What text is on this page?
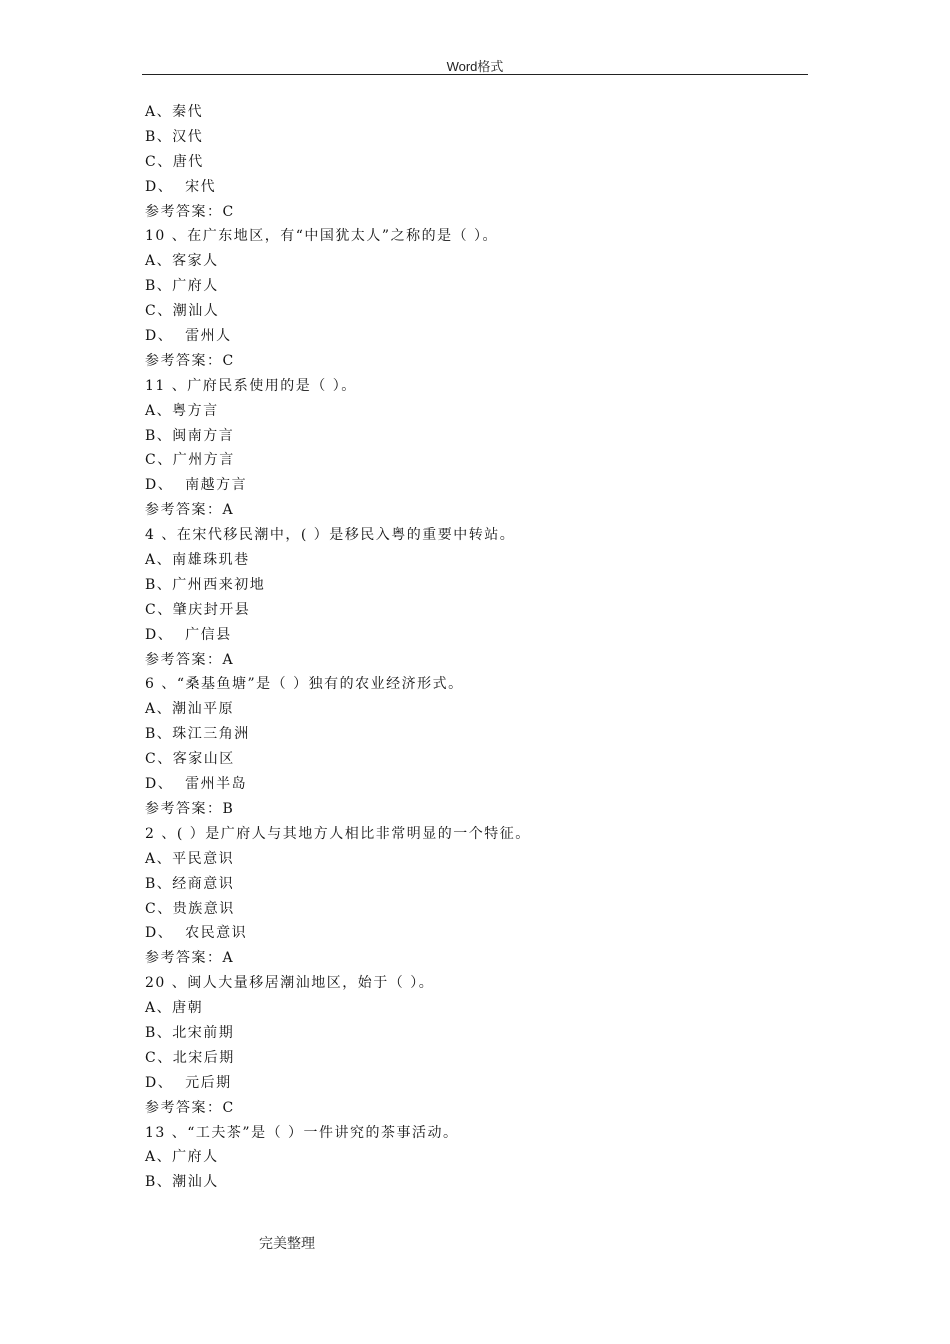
Word格式
A、秦代
B、汉代
C、唐代
D、  宋代
参考答案：C
10 、在广东地区，有“中国犹太人”之称的是（ ）。
A、客家人
B、广府人
C、潮汕人
D、  雷州人
参考答案：C
11 、广府民系使用的是（ ）。
A、粤方言
B、闽南方言
C、广州方言
D、  南越方言
参考答案：A
4 、在宋代移民潮中，( ）是移民入粤的重要中转站。
A、南雄珠玑巷
B、广州西来初地
C、肇庆封开县
D、  广信县
参考答案：A
6 、“桑基鱼塘”是（ ）独有的农业经济形式。
A、潮汕平原
B、珠江三角洲
C、客家山区
D、  雷州半岛
参考答案：B
2 、( ）是广府人与其地方人相比非常明显的一个特征。
A、平民意识
B、经商意识
C、贵族意识
D、  农民意识
参考答案：A
20 、闽人大量移居潮汕地区，始于（ ）。
A、唐朝
B、北宋前期
C、北宋后期
D、  元后期
参考答案：C
13 、“工夫茶”是（ ）一件讲究的茶事活动。
A、广府人
B、潮汕人
完美整理
